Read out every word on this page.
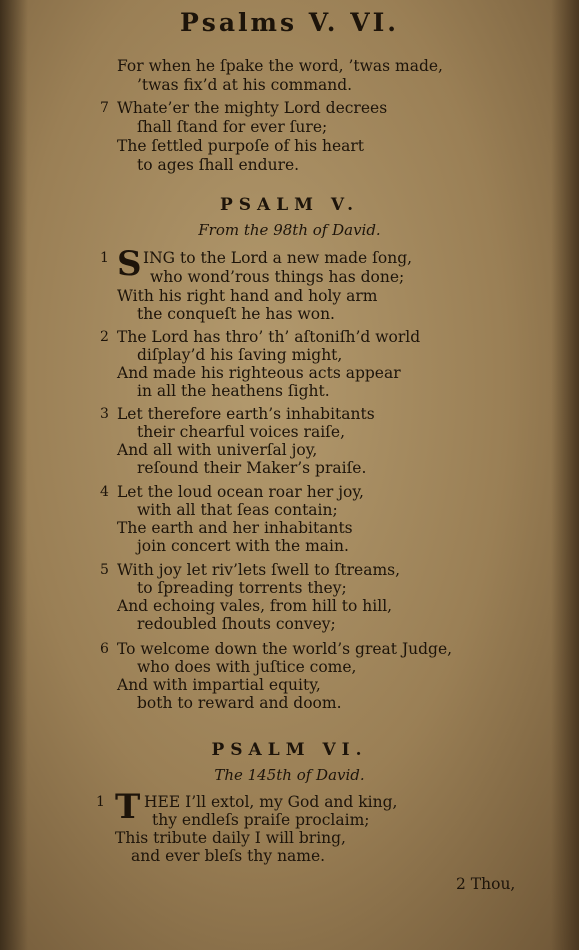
Psalms V. VI.
For when he ſpake the word, ’twas made,
’twas fix’d at his command.
7 Whate’er the mighty Lord decrees
ſhall ſtand for ever ſure;
The ſettled purpoſe of his heart
to ages ſhall endure.
PSALM V.
From the 98th of David.
1 S ING to the Lord a new made ſong,
who wond’rous things has done;
With his right hand and holy arm
the conqueſt he has won.
2 The Lord has thro’ th’ aſtoniſh’d world
diſplay’d his ſaving might,
And made his righteous acts appear
in all the heathens ſight.
3 Let therefore earth’s inhabitants
their chearful voices raiſe,
And all with univerſal joy,
reſound their Maker’s praiſe.
4 Let the loud ocean roar her joy,
with all that ſeas contain;
The earth and her inhabitants
join concert with the main.
5 With joy let riv’lets ſwell to ſtreams,
to ſpreading torrents they;
And echoing vales, from hill to hill,
redoubled ſhouts convey;
6 To welcome down the world’s great Judge,
who does with juſtice come,
And with impartial equity,
both to reward and doom.
PSALM VI.
The 145th of David.
1 T HEE I’ll extol, my God and king,
thy endleſs praiſe proclaim;
This tribute daily I will bring,
and ever bleſs thy name.
2 Thou,
